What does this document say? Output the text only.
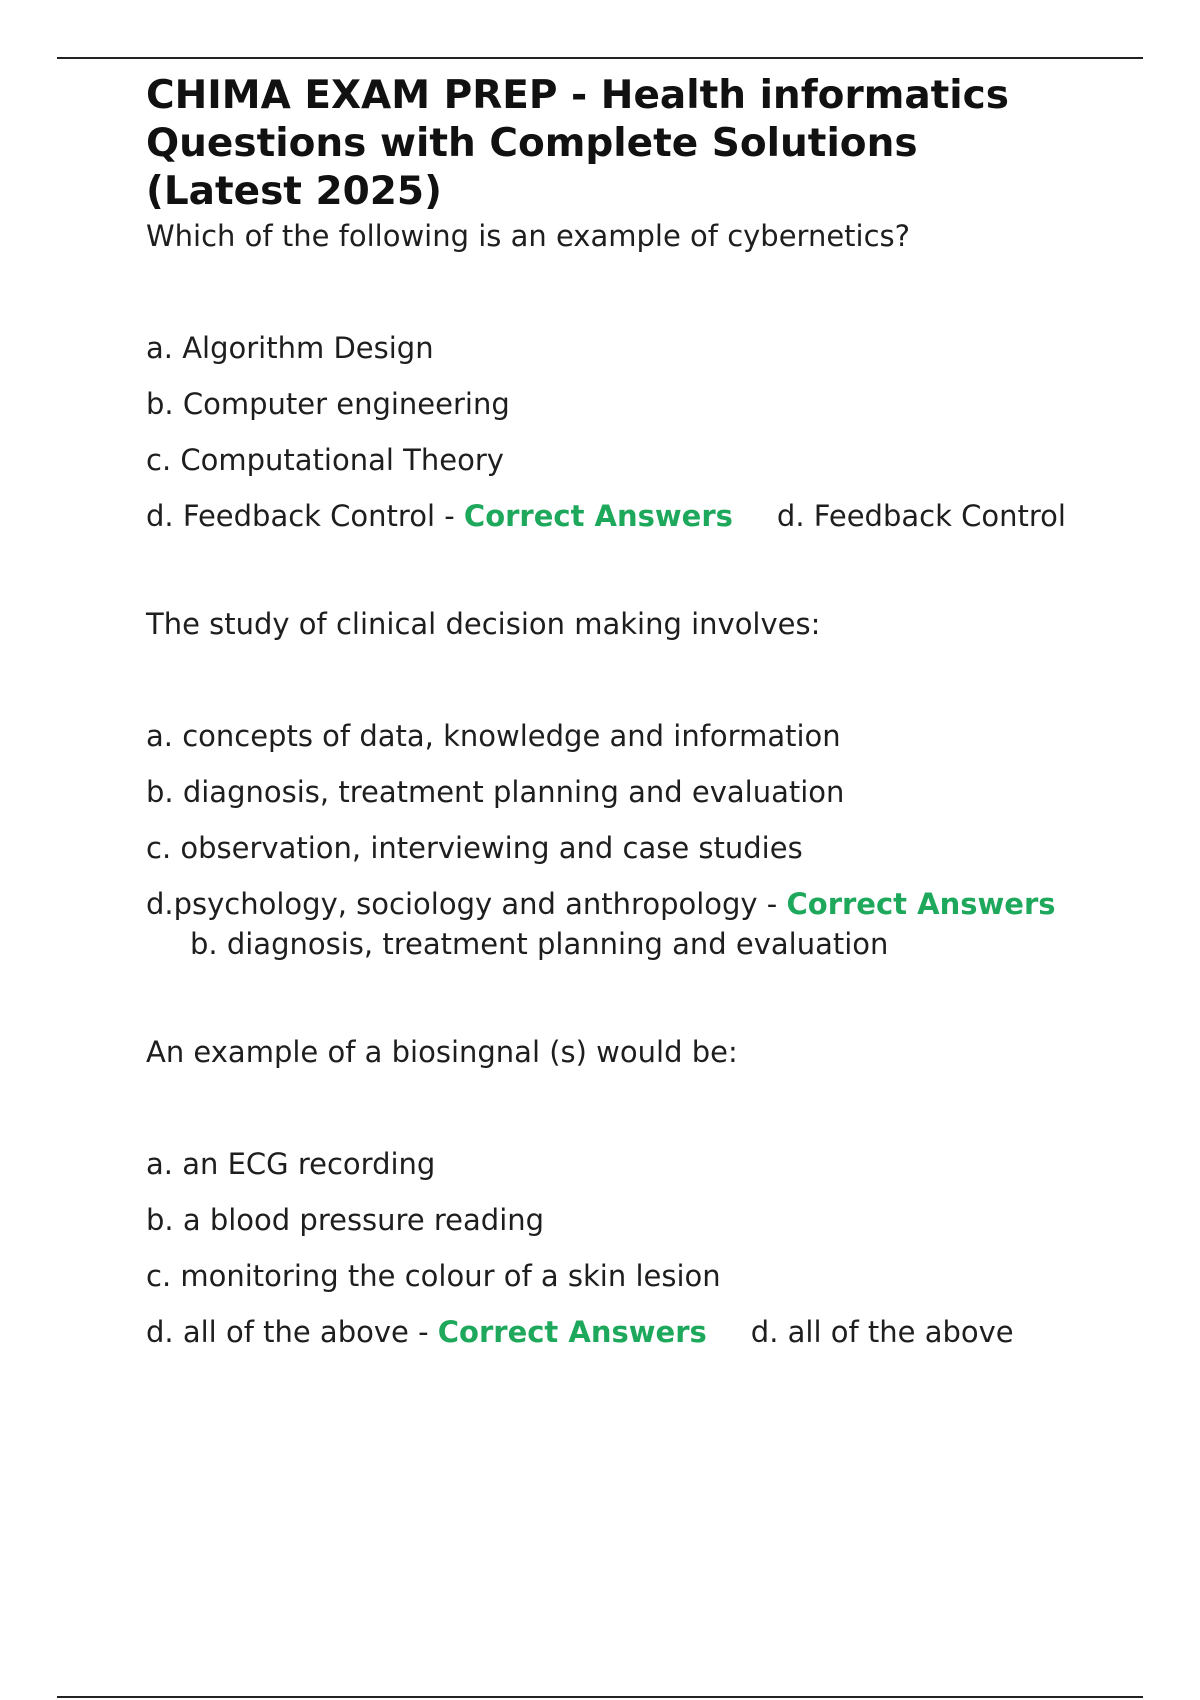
CHIMA EXAM PREP - Health informatics Questions with Complete Solutions (Latest 2025)

Which of the following is an example of cybernetics?

a. Algorithm Design

b. Computer engineering

c. Computational Theory

d. Feedback Control - Correct Answers d. Feedback Control

The study of clinical decision making involves:

a. concepts of data, knowledge and information

b. diagnosis, treatment planning and evaluation

c. observation, interviewing and case studies

d.psychology, sociology and anthropology - Correct Answersb. diagnosis, treatment planning and evaluation

An example of a biosingnal (s) would be:

a. an ECG recording

b. a blood pressure reading

c. monitoring the colour of a skin lesion

d. all of the above - Correct Answers d. all of the above
